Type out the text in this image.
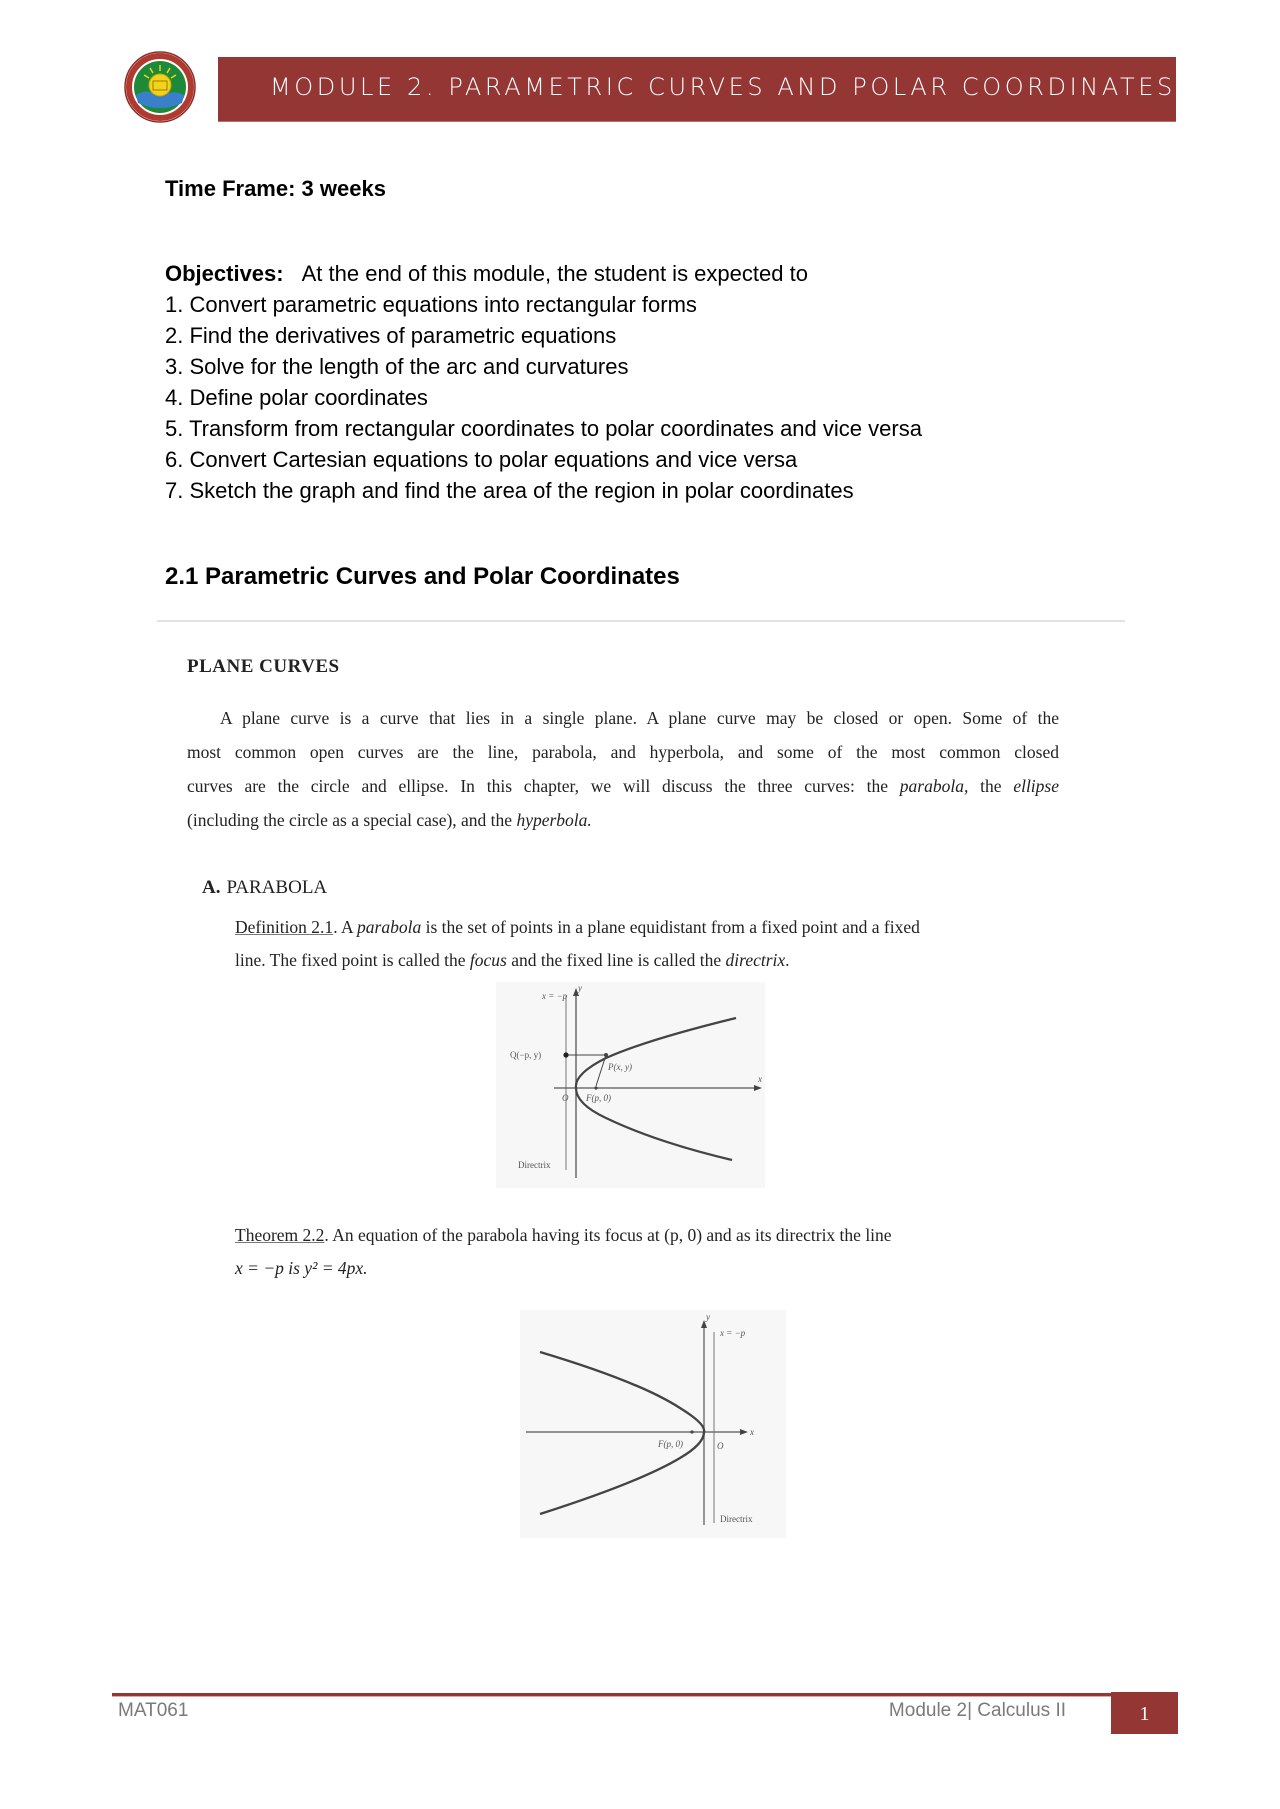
MODULE 2. PARAMETRIC CURVES AND POLAR COORDINATES
Time Frame: 3 weeks
Objectives: At the end of this module, the student is expected to
1. Convert parametric equations into rectangular forms
2. Find the derivatives of parametric equations
3. Solve for the length of the arc and curvatures
4. Define polar coordinates
5. Transform from rectangular coordinates to polar coordinates and vice versa
6. Convert Cartesian equations to polar equations and vice versa
7. Sketch the graph and find the area of the region in polar coordinates
2.1 Parametric Curves and Polar Coordinates
PLANE CURVES
A plane curve is a curve that lies in a single plane. A plane curve may be closed or open. Some of the
most common open curves are the line, parabola, and hyperbola, and some of the most common closed
curves are the circle and ellipse. In this chapter, we will discuss the three curves: the parabola, the ellipse
(including the circle as a special case), and the hyperbola.
A. PARABOLA
Definition 2.1. A parabola is the set of points in a plane equidistant from a fixed point and a fixed
line. The fixed point is called the focus and the fixed line is called the directrix.
x = −p
y
x
Q(−p, y)
P(x, y)
O F(p, 0)
Directrix
Theorem 2.2. An equation of the parabola having its focus at (p, 0) and as its directrix the line
x = −p is y² = 4px.
y
x
x = −p
F(p, 0)	O
Directrix
MAT061	Module 2| Calculus II	1
